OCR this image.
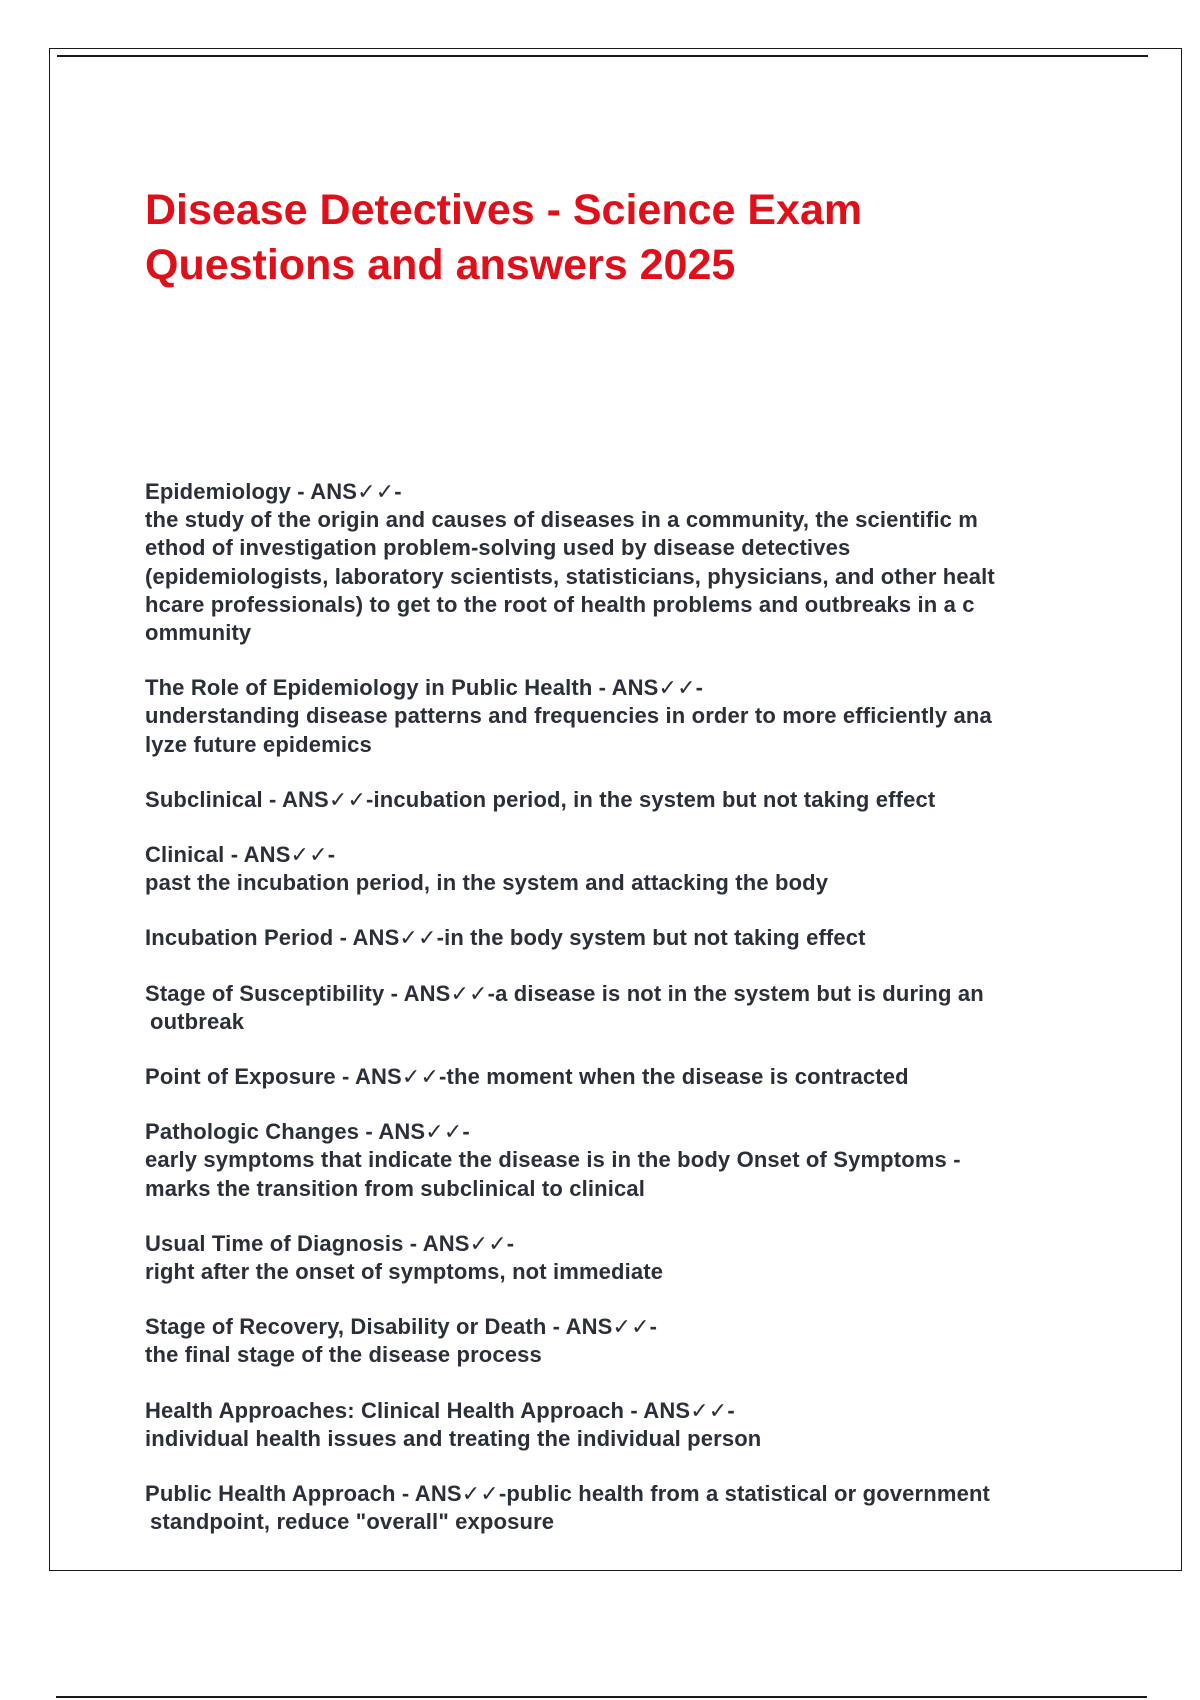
Disease Detectives - Science Exam
Questions and answers 2025
Epidemiology - ANS✓✓-
the study of the origin and causes of diseases in a community, the scientific m
ethod of investigation problem-solving used by disease detectives
(epidemiologists, laboratory scientists, statisticians, physicians, and other healt
hcare professionals) to get to the root of health problems and outbreaks in a c
ommunity
The Role of Epidemiology in Public Health - ANS✓✓-
understanding disease patterns and frequencies in order to more efficiently ana
lyze future epidemics
Subclinical - ANS✓✓-incubation period, in the system but not taking effect
Clinical - ANS✓✓-
past the incubation period, in the system and attacking the body
Incubation Period - ANS✓✓-in the body system but not taking effect
Stage of Susceptibility - ANS✓✓-a disease is not in the system but is during an
outbreak
Point of Exposure - ANS✓✓-the moment when the disease is contracted
Pathologic Changes - ANS✓✓-
early symptoms that indicate the disease is in the body Onset of Symptoms -
marks the transition from subclinical to clinical
Usual Time of Diagnosis - ANS✓✓-
right after the onset of symptoms, not immediate
Stage of Recovery, Disability or Death - ANS✓✓-
the final stage of the disease process
Health Approaches: Clinical Health Approach - ANS✓✓-
individual health issues and treating the individual person
Public Health Approach - ANS✓✓-public health from a statistical or government
standpoint, reduce "overall" exposure
